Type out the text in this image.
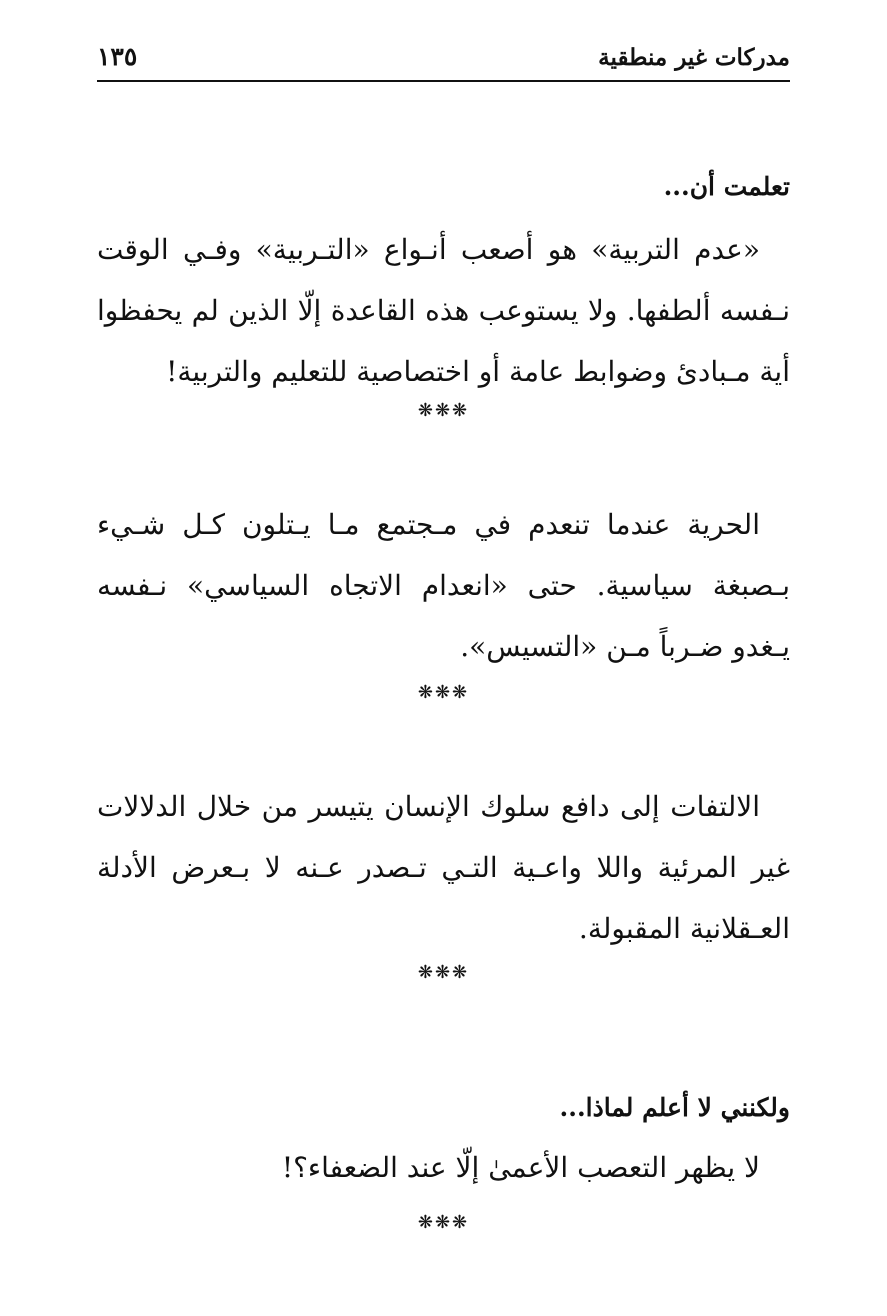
مدركات غير منطقية
١٣٥
تعلمت أن...
«عدم التربية» هو أصعب أنـواع «التـربية» وفـي الوقت نـفسه ألطفها. ولا يستوعب هذه القاعدة إلّا الذين لم يحفظوا أية مـبادئ وضوابط عامة أو اختصاصية للتعليم والتربية!
❋❋❋
الحرية عندما تنعدم في مـجتمع مـا يـتلون كـل شـيء بـصبغة سياسية. حتى «انعدام الاتجاه السياسي» نـفسه يـغدو ضـرباً مـن «التسيس».
❋❋❋
الالتفات إلى دافع سلوك الإنسان يتيسر من خلال الدلالات غير المرئية واللا واعـية التـي تـصدر عـنه لا بـعرض الأدلة العـقلانية المقبولة.
❋❋❋
ولكنني لا أعلم لماذا...
لا يظهر التعصب الأعمىٰ إلّا عند الضعفاء؟!
❋❋❋
